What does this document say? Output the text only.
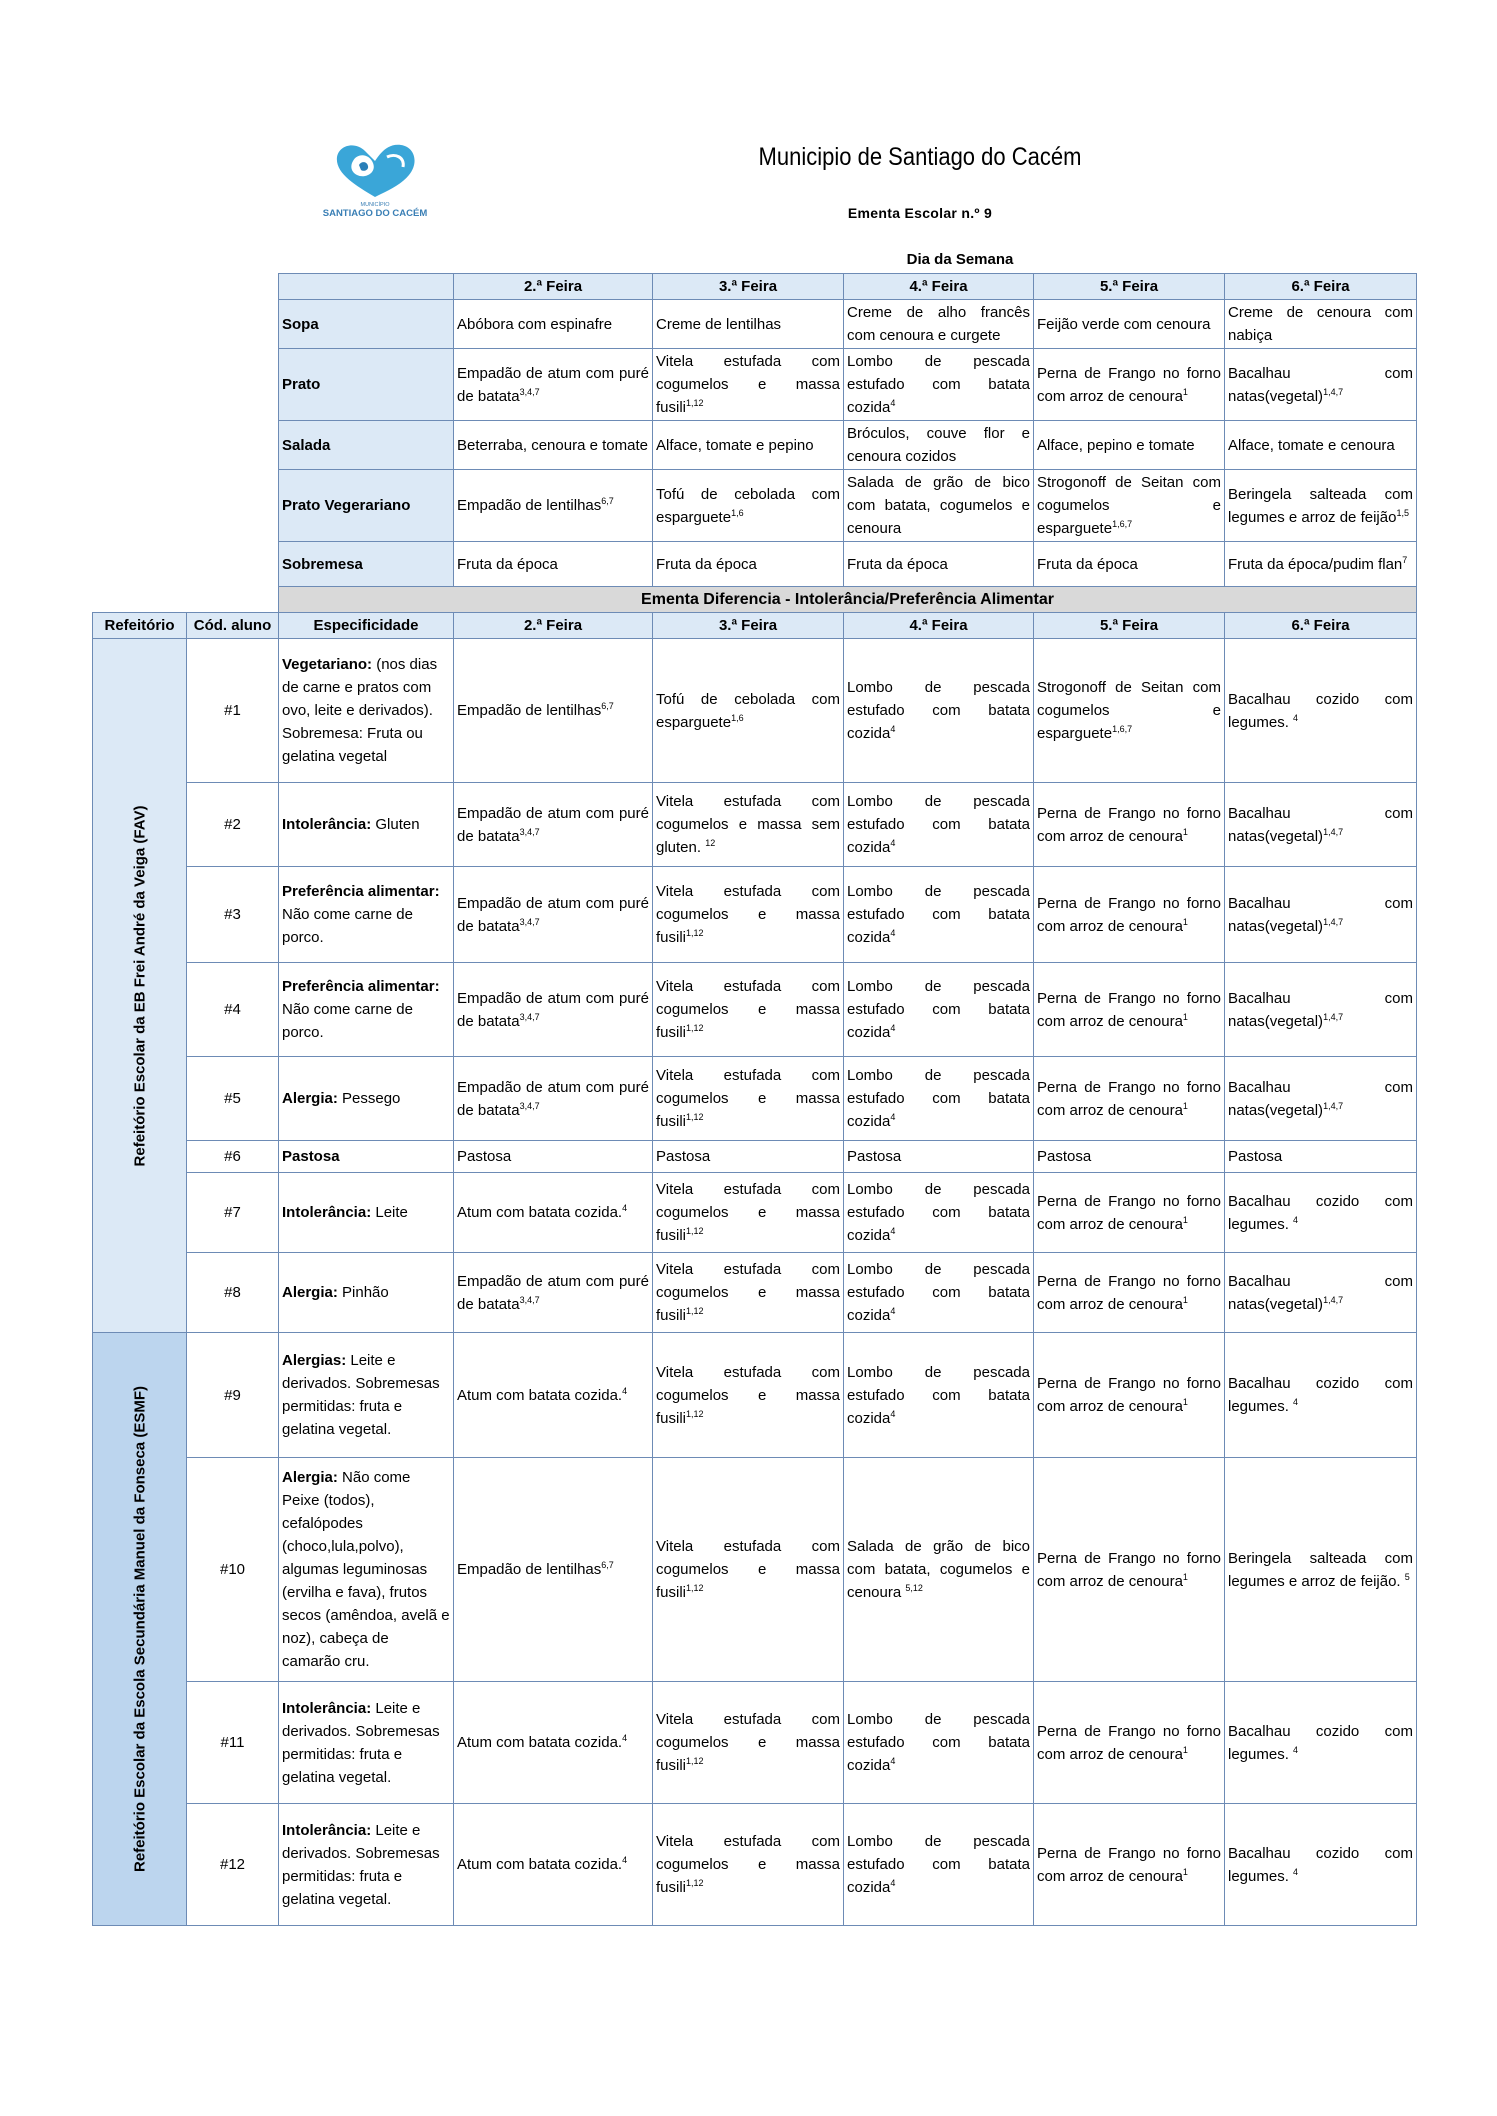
MUNICÍPIO
SANTIAGO DO CACÉM
Municipio de Santiago do Cacém
Ementa Escolar n.º 9
Dia da Semana
			2.ª Feira	3.ª Feira	4.ª Feira	5.ª Feira	6.ª Feira
		Sopa	Abóbora com espinafre	Creme de lentilhas	Creme de alho francês com cenoura e curgete	Feijão verde com cenoura	Creme de cenoura com nabiça
		Prato	Empadão de atum com puré de batata$^{3,4,7}$	Vitela estufada com cogumelos e massa fusili$^{1,12}$	Lombo de pescada estufado com batata cozida$^4$	Perna de Frango no forno com arroz de cenoura$^1$	Bacalhau com natas(vegetal)$^{1,4,7}$
		Salada	Beterraba, cenoura e tomate	Alface, tomate e pepino	Bróculos, couve flor e cenoura cozidos	Alface, pepino e tomate	Alface, tomate e cenoura
		Prato Vegerariano	Empadão de lentilhas$^{6,7}$	Tofú de cebolada com esparguete$^{1,6}$	Salada de grão de bico com batata, cogumelos e cenoura	Strogonoff de Seitan com cogumelos e esparguete$^{1,6,7}$	Beringela salteada com legumes e arroz de feijão$^{1,5}$
		Sobremesa	Fruta da época	Fruta da época	Fruta da época	Fruta da época	Fruta da época/pudim flan$^7$
		Ementa Diferencia - Intolerância/Preferência Alimentar					
Refeitório	Cód. aluno	Especificidade	2.ª Feira	3.ª Feira	4.ª Feira	5.ª Feira	6.ª Feira

Refeitório Escolar da EB Frei André da Veiga (FAV)	#1	Vegetariano: (nos dias de carne e pratos com ovo, leite e derivados). Sobremesa: Fruta ou gelatina vegetal	Empadão de lentilhas$^{6,7}$	Tofú de cebolada com esparguete$^{1,6}$	Lombo de pescada estufado com batata cozida$^4$	Strogonoff de Seitan com cogumelos e esparguete$^{1,6,7}$	Bacalhau cozido com legumes. $^4$
	#2	Intolerância: Gluten	Empadão de atum com puré de batata$^{3,4,7}$	Vitela estufada com cogumelos e massa sem gluten. $^{12}$	Lombo de pescada estufado com batata cozida$^4$	Perna de Frango no forno com arroz de cenoura$^1$	Bacalhau com natas(vegetal)$^{1,4,7}$
	#3	Preferência alimentar: Não come carne de porco.	Empadão de atum com puré de batata$^{3,4,7}$	Vitela estufada com cogumelos e massa fusili$^{1,12}$	Lombo de pescada estufado com batata cozida$^4$	Perna de Frango no forno com arroz de cenoura$^1$	Bacalhau com natas(vegetal)$^{1,4,7}$
	#4	Preferência alimentar: Não come carne de porco.	Empadão de atum com puré de batata$^{3,4,7}$	Vitela estufada com cogumelos e massa fusili$^{1,12}$	Lombo de pescada estufado com batata cozida$^4$	Perna de Frango no forno com arroz de cenoura$^1$	Bacalhau com natas(vegetal)$^{1,4,7}$
	#5	Alergia: Pessego	Empadão de atum com puré de batata$^{3,4,7}$	Vitela estufada com cogumelos e massa fusili$^{1,12}$	Lombo de pescada estufado com batata cozida$^4$	Perna de Frango no forno com arroz de cenoura$^1$	Bacalhau com natas(vegetal)$^{1,4,7}$
	#6	Pastosa	Pastosa	Pastosa	Pastosa	Pastosa	Pastosa
	#7	Intolerância: Leite	Atum com batata cozida.$^4$	Vitela estufada com cogumelos e massa fusili$^{1,12}$	Lombo de pescada estufado com batata cozida$^4$	Perna de Frango no forno com arroz de cenoura$^1$	Bacalhau cozido com legumes. $^4$
	#8	Alergia: Pinhão	Empadão de atum com puré de batata$^{3,4,7}$	Vitela estufada com cogumelos e massa fusili$^{1,12}$	Lombo de pescada estufado com batata cozida$^4$	Perna de Frango no forno com arroz de cenoura$^1$	Bacalhau com natas(vegetal)$^{1,4,7}$

Refeitório Escolar da Escola Secundária Manuel da Fonseca (ESMF)	#9	Alergias: Leite e derivados. Sobremesas permitidas: fruta e gelatina vegetal.	Atum com batata cozida.$^4$	Vitela estufada com cogumelos e massa fusili$^{1,12}$	Lombo de pescada estufado com batata cozida$^4$	Perna de Frango no forno com arroz de cenoura$^1$	Bacalhau cozido com legumes. $^4$
	#10	Alergia: Não come Peixe (todos), cefalópodes (choco,lula,polvo), algumas leguminosas (ervilha e fava), frutos secos (amêndoa, avelã e noz), cabeça de camarão cru.	Empadão de lentilhas$^{6,7}$	Vitela estufada com cogumelos e massa fusili$^{1,12}$	Salada de grão de bico com batata, cogumelos e cenoura $^{5,12}$	Perna de Frango no forno com arroz de cenoura$^1$	Beringela salteada com legumes e arroz de feijão. $^5$
	#11	Intolerância: Leite e derivados. Sobremesas permitidas: fruta e gelatina vegetal.	Atum com batata cozida.$^4$	Vitela estufada com cogumelos e massa fusili$^{1,12}$	Lombo de pescada estufado com batata cozida$^4$	Perna de Frango no forno com arroz de cenoura$^1$	Bacalhau cozido com legumes. $^4$
	#12	Intolerância: Leite e derivados. Sobremesas permitidas: fruta e gelatina vegetal.	Atum com batata cozida.$^4$	Vitela estufada com cogumelos e massa fusili$^{1,12}$	Lombo de pescada estufado com batata cozida$^4$	Perna de Frango no forno com arroz de cenoura$^1$	Bacalhau cozido com legumes. $^4$
